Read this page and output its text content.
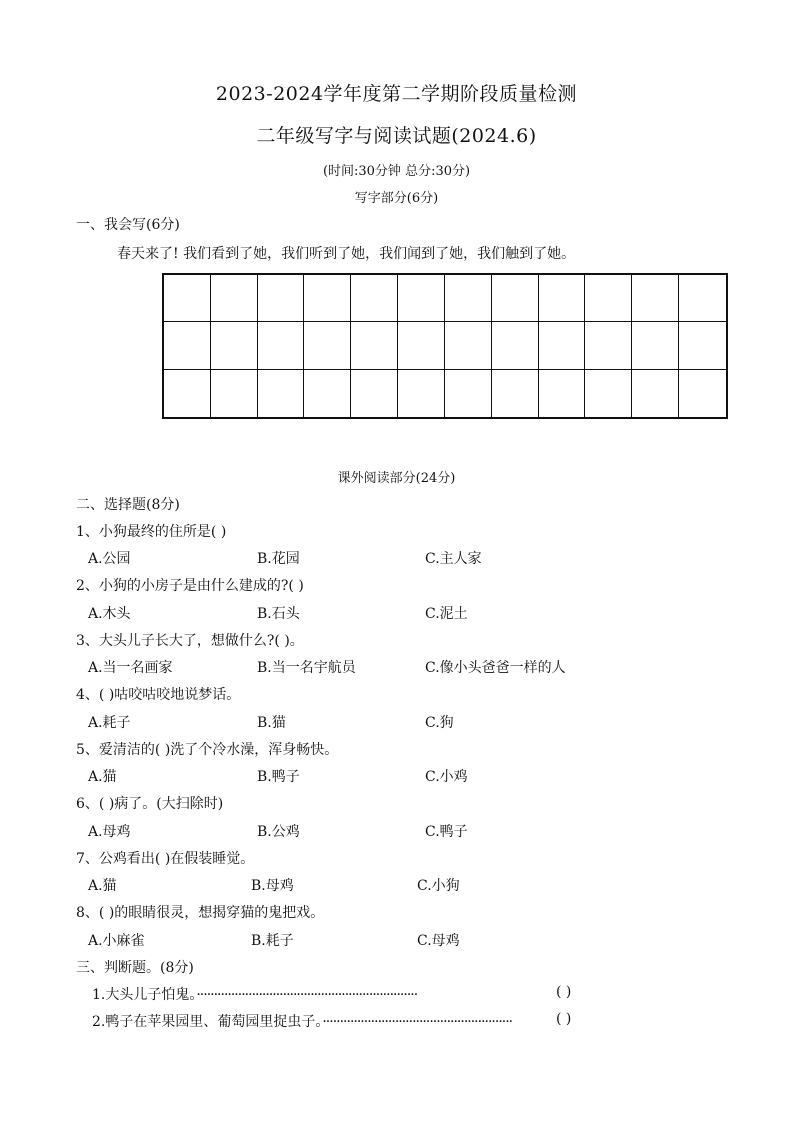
2023-2024学年度第二学期阶段质量检测
二年级写字与阅读试题(2024.6)
(时间:30分钟 总分:30分)
写字部分(6分)
一、我会写(6分)
春天来了! 我们看到了她，我们听到了她，我们闻到了她，我们触到了她。
课外阅读部分(24分)
二、选择题(8分)
1、小狗最终的住所是( )
A.公园	B.花园	C.主人家
2、小狗的小房子是由什么建成的?( )
A.木头	B.石头	C.泥土
3、大头儿子长大了，想做什么?( )。
A.当一名画家	B.当一名宇航员	C.像小头爸爸一样的人
4、( )咕咬咕咬地说梦话。
A.耗子	B.猫	C.狗
5、爱清洁的( )洗了个冷水澡，浑身畅快。
A.猫	B.鸭子	C.小鸡
6、( )病了。(大扫除时)
A.母鸡	B.公鸡	C.鸭子
7、公鸡看出( )在假装睡觉。
A.猫	B.母鸡	C.小狗
8、( )的眼睛很灵，想揭穿猫的鬼把戏。
A.小麻雀	B.耗子	C.母鸡
三、判断题。(8分)
1.大头儿子怕鬼。································································	( )
2.鸭子在苹果园里、葡萄园里捉虫子。·······················································	( )
